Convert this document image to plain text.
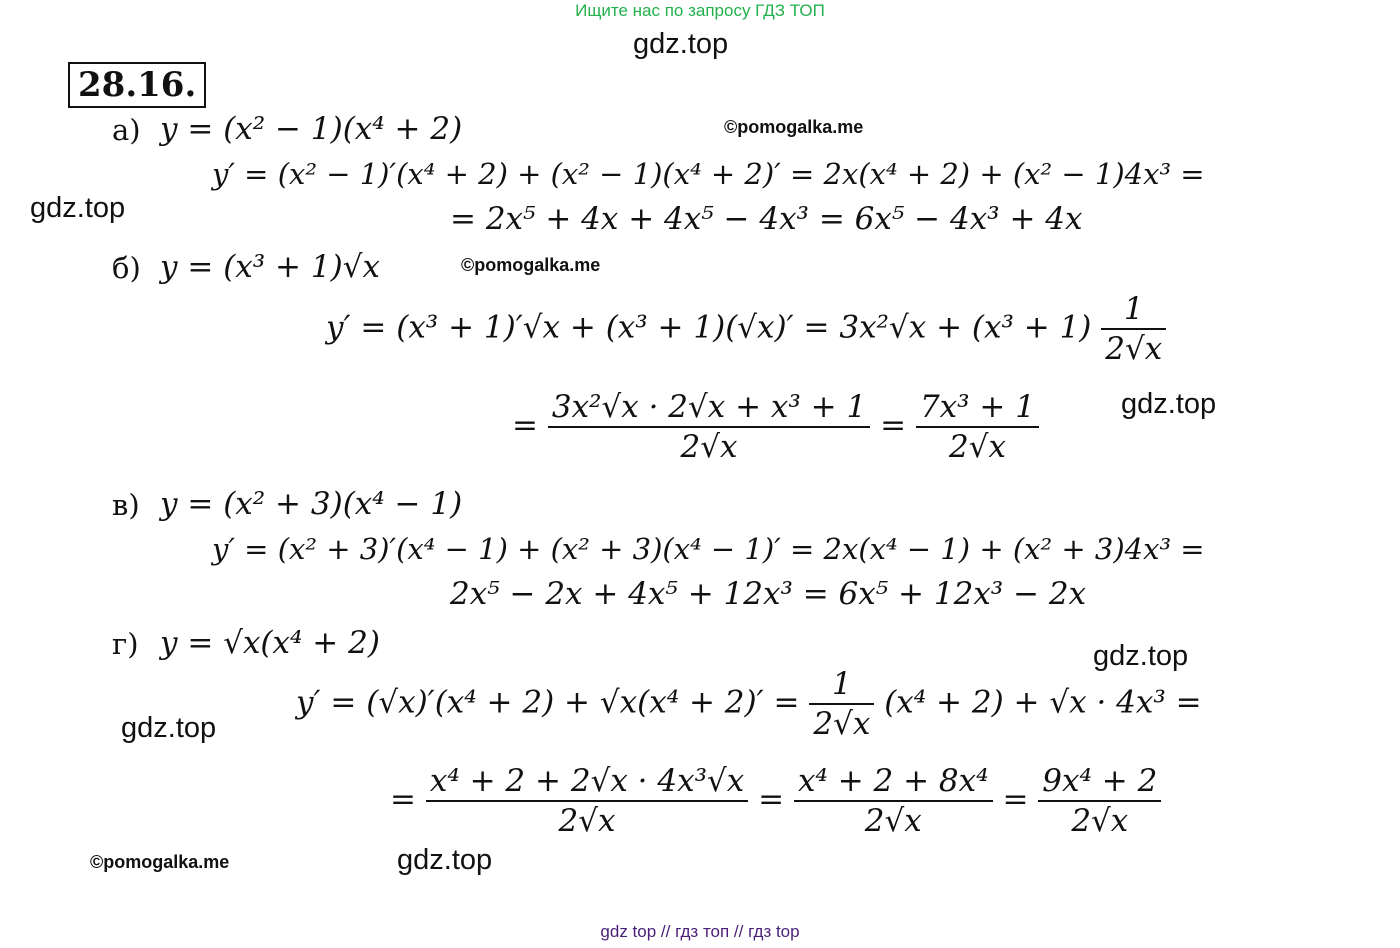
Ищите нас по запросу ГДЗ ТОП
gdz.top
gdz.top
gdz.top
gdz.top
gdz.top
gdz.top
©pomogalka.me
©pomogalka.me
©pomogalka.me
28.16.
а) y = (x² − 1)(x⁴ + 2)
y′ = (x² − 1)′(x⁴ + 2) + (x² − 1)(x⁴ + 2)′ = 2x(x⁴ + 2) + (x² − 1)4x³ =
= 2x⁵ + 4x + 4x⁵ − 4x³ = 6x⁵ − 4x³ + 4x
б) y = (x³ + 1)√x
$y' = (x^3 + 1)'√x + (x^3 + 1)(√x)' = 3x^2√x + (x^3 + 1) \frac{1}{2√x}$
= $\frac{\text{3x²√x · 2√x + x³ + 1}}{2√x} = \frac{\text{7x³ + 1}}{2√x}$
в) y = (x² + 3)(x⁴ − 1)
y′ = (x² + 3)′(x⁴ − 1) + (x² + 3)(x⁴ − 1)′ = 2x(x⁴ − 1) + (x² + 3)4x³ =
2x⁵ − 2x + 4x⁵ + 12x³ = 6x⁵ + 12x³ − 2x
г) y = √x(x⁴ + 2)
$y' = (√x)'(x^4 + 2) + √x(x^4 + 2)' = \frac{1}{2√x} (x^4 + 2) + √x \cdot 4x^3$ =
= $\frac{\text{x⁴ + 2 + 2√x · 4x³√x}}{2√x} = \frac{\text{x⁴ + 2 + 8x⁴}}{2√x} = \frac{\text{9x⁴ + 2}}{2√x}$
gdz top // гдз топ // гдз top
